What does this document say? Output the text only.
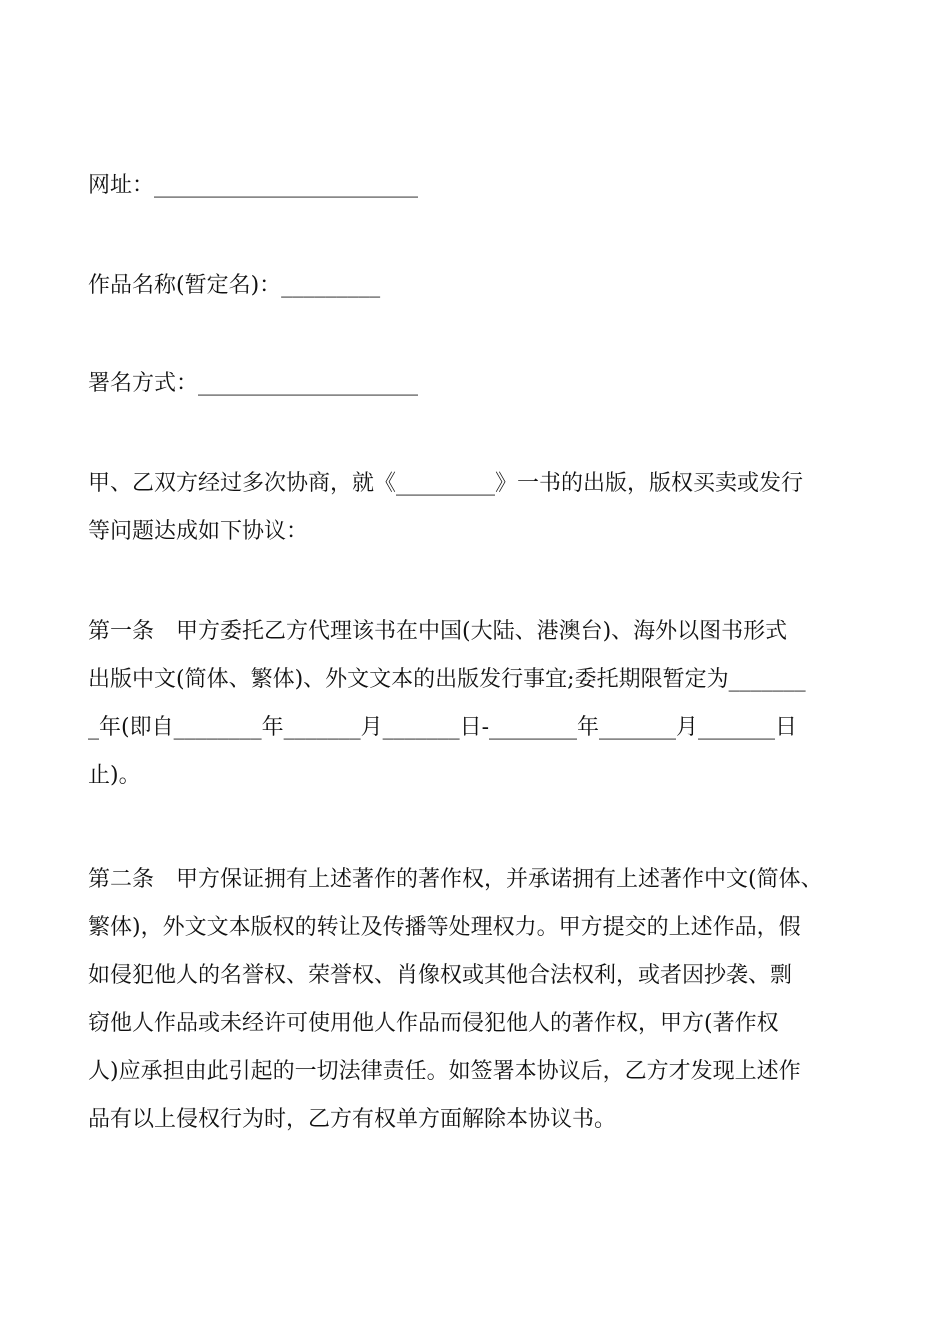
网址：________________________
作品名称(暂定名)：_________
署名方式：____________________
甲、乙双方经过多次协商，就《_________》一书的出版，版权买卖或发行
等问题达成如下协议：
第一条　甲方委托乙方代理该书在中国(大陆、港澳台)、海外以图书形式
出版中文(简体、繁体)、外文文本的出版发行事宜;委托期限暂定为_______
_年(即自________年_______月_______日-________年_______月_______日
止)。
第二条　甲方保证拥有上述著作的著作权，并承诺拥有上述著作中文(简体、
繁体)，外文文本版权的转让及传播等处理权力。甲方提交的上述作品，假
如侵犯他人的名誉权、荣誉权、肖像权或其他合法权利，或者因抄袭、剽
窃他人作品或未经许可使用他人作品而侵犯他人的著作权，甲方(著作权
人)应承担由此引起的一切法律责任。如签署本协议后，乙方才发现上述作
品有以上侵权行为时，乙方有权单方面解除本协议书。
